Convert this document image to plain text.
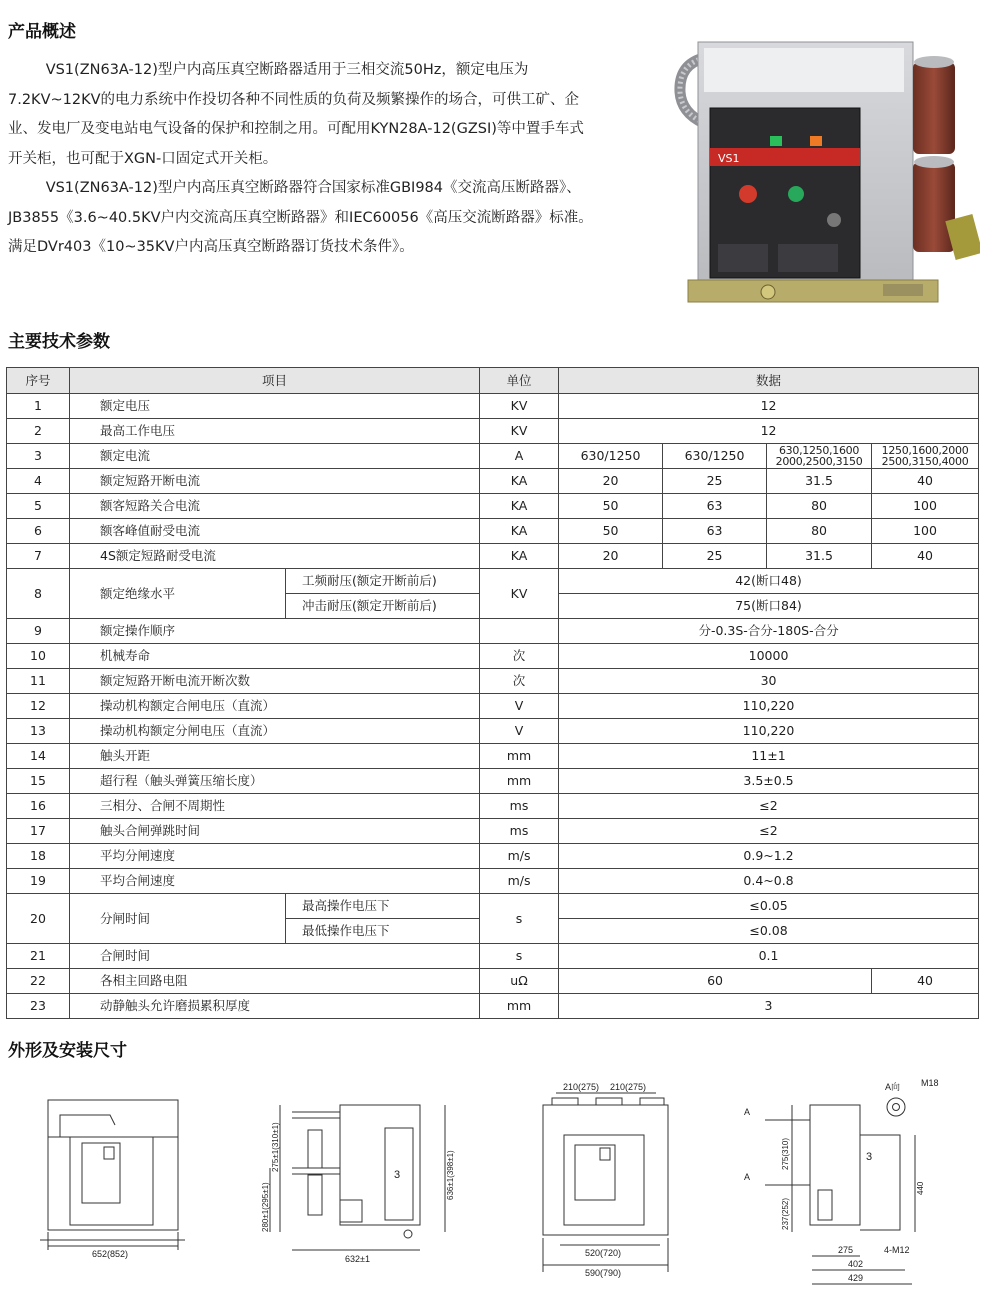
产品概述

VS1(ZN63A-12)型户内高压真空断路器适用于三相交流50Hz，额定电压为7.2KV~12KV的电力系统中作投切各种不同性质的负荷及频繁操作的场合，可供工矿、企业、发电厂及变电站电气设备的保护和控制之用。可配用KYN28A-12(GZSI)等中置手车式开关柜，也可配于XGN-口固定式开关柜。

VS1(ZN63A-12)型户内高压真空断路器符合国家标准GBI984《交流高压断路器》、JB3855《3.6~40.5KV户内交流高压真空断路器》和IEC60056《高压交流断路器》标准。满足DVr403《10~35KV户内高压真空断路器订货技术条件》。

VS1
主要技术参数
序号	项目		单位	数据			
1	额定电压		KV	12			
2	最高工作电压		KV	12			
3	额定电流		A	630/1250	630/1250	630,1250,1600 2000,2500,3150	1250,1600,2000 2500,3150,4000
4	额定短路开断电流		KA	20	25	31.5	40
5	额客短路关合电流		KA	50	63	80	100
6	额客峰值耐受电流		KA	50	63	80	100
7	4S额定短路耐受电流		KA	20	25	31.5	40
8	额定绝缘水平	工频耐压(额定开断前后)	KV	42(断口48)			
		冲击耐压(额定开断前后)		75(断口84)			
9	额定操作顺序			分-0.3S-合分-180S-合分			
10	机械寿命		次	10000			
11	额定短路开断电流开断次数		次	30			
12	操动机构额定合闸电压（直流）		V	110,220			
13	操动机构额定分闸电压（直流）		V	110,220			
14	触头开距		mm	11±1			
15	超行程（触头弹簧压缩长度）		mm	3.5±0.5			
16	三相分、合闸不周期性		ms	≤2			
17	触头合闸弹跳时间		ms	≤2			
18	平均分闸速度		m/s	0.9~1.2			
19	平均合闸速度		m/s	0.4~0.8			
20	分闸时间	最高操作电压下	s	≤0.05			
		最低操作电压下		≤0.08			
21	合闸时间		s	0.1			
22	各相主回路电阻		uΩ	60			40
23	动静触头允许磨损累积厚度		mm	3			
外形及安装尺寸
652(852)
3
632±1
280±1(295±1)
275±1(310±1)
636±1(398±1)
210(275) 210(275)
520(720)
590(790)
A
A
A向 M18
3
275(310)
237(252)
440
275	4-M12
402
429
